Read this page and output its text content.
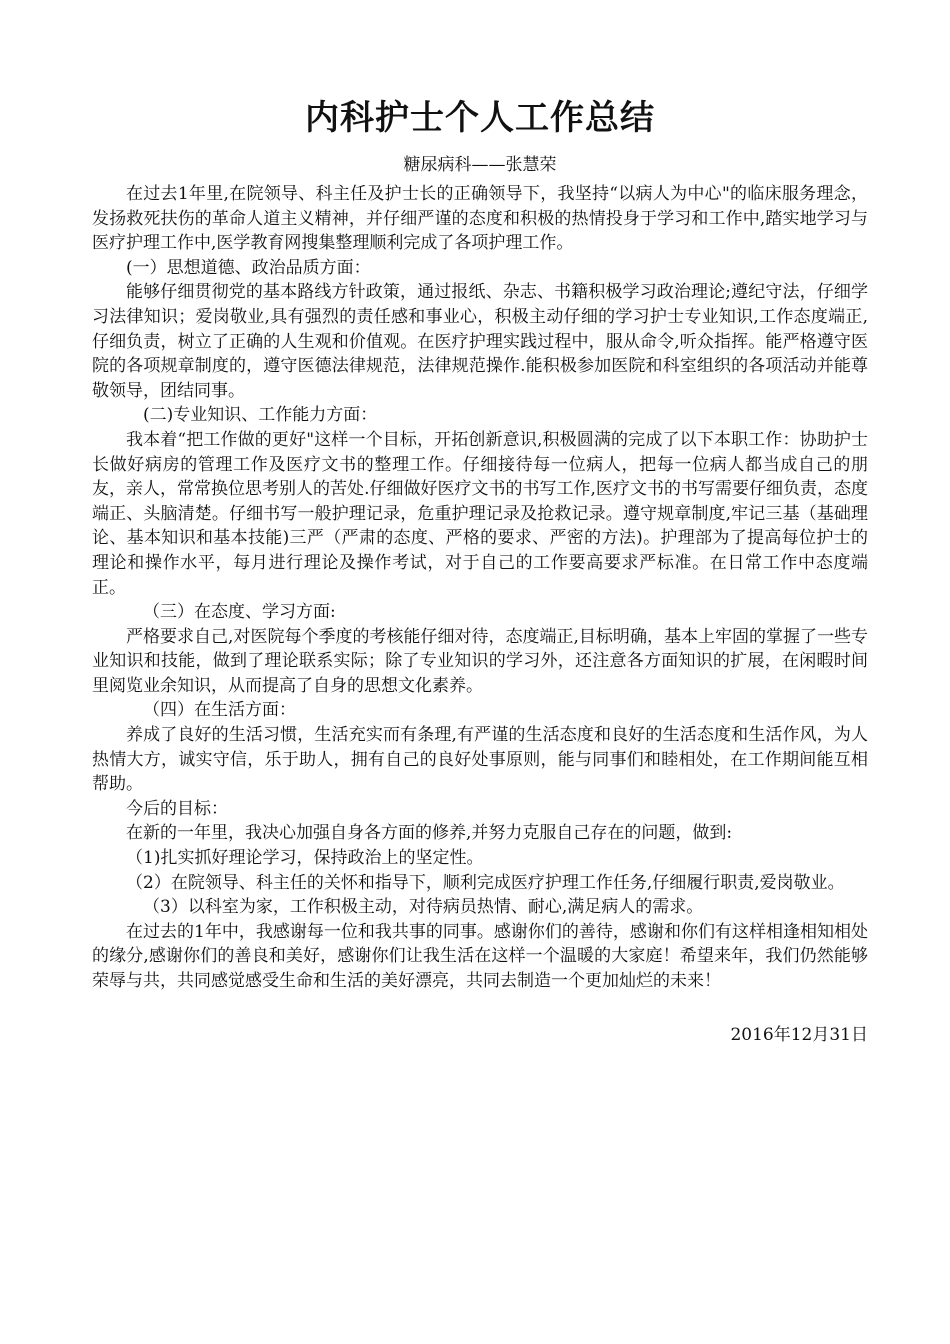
内科护士个人工作总结
糖尿病科——张慧荣

在过去1年里,在院领导、科主任及护士长的正确领导下，我坚持“以病人为中心"的临床服务理念，发扬救死扶伤的革命人道主义精神，并仔细严谨的态度和积极的热情投身于学习和工作中,踏实地学习与医疗护理工作中,医学教育网搜集整理顺利完成了各项护理工作。

(一）思想道德、政治品质方面：

能够仔细贯彻党的基本路线方针政策，通过报纸、杂志、书籍积极学习政治理论;遵纪守法，仔细学习法律知识；爱岗敬业,具有强烈的责任感和事业心，积极主动仔细的学习护士专业知识,工作态度端正,仔细负责，树立了正确的人生观和价值观。在医疗护理实践过程中，服从命令,听众指挥。能严格遵守医院的各项规章制度的，遵守医德法律规范，法律规范操作.能积极参加医院和科室组织的各项活动并能尊敬领导，团结同事。

(二)专业知识、工作能力方面：

我本着“把工作做的更好"这样一个目标，开拓创新意识,积极圆满的完成了以下本职工作：协助护士长做好病房的管理工作及医疗文书的整理工作。仔细接待每一位病人，把每一位病人都当成自己的朋友，亲人，常常换位思考别人的苦处.仔细做好医疗文书的书写工作,医疗文书的书写需要仔细负责，态度端正、头脑清楚。仔细书写一般护理记录，危重护理记录及抢救记录。遵守规章制度,牢记三基（基础理论、基本知识和基本技能)三严（严肃的态度、严格的要求、严密的方法)。护理部为了提高每位护士的理论和操作水平，每月进行理论及操作考试，对于自己的工作要高要求严标准。在日常工作中态度端正。

（三）在态度、学习方面:

严格要求自己,对医院每个季度的考核能仔细对待，态度端正,目标明确，基本上牢固的掌握了一些专业知识和技能，做到了理论联系实际；除了专业知识的学习外，还注意各方面知识的扩展，在闲暇时间里阅览业余知识，从而提高了自身的思想文化素养。

（四）在生活方面：

养成了良好的生活习惯，生活充实而有条理,有严谨的生活态度和良好的生活态度和生活作风，为人热情大方，诚实守信，乐于助人，拥有自己的良好处事原则，能与同事们和睦相处，在工作期间能互相帮助。

今后的目标：

在新的一年里，我决心加强自身各方面的修养,并努力克服自己存在的问题，做到:

（1)扎实抓好理论学习，保持政治上的坚定性。

（2）在院领导、科主任的关怀和指导下，顺利完成医疗护理工作任务,仔细履行职责,爱岗敬业。

（3）以科室为家，工作积极主动，对待病员热情、耐心,满足病人的需求。

在过去的1年中，我感谢每一位和我共事的同事。感谢你们的善待，感谢和你们有这样相逢相知相处的缘分,感谢你们的善良和美好，感谢你们让我生活在这样一个温暖的大家庭！希望来年，我们仍然能够荣辱与共，共同感觉感受生命和生活的美好漂亮，共同去制造一个更加灿烂的未来！

2016年12月31日
